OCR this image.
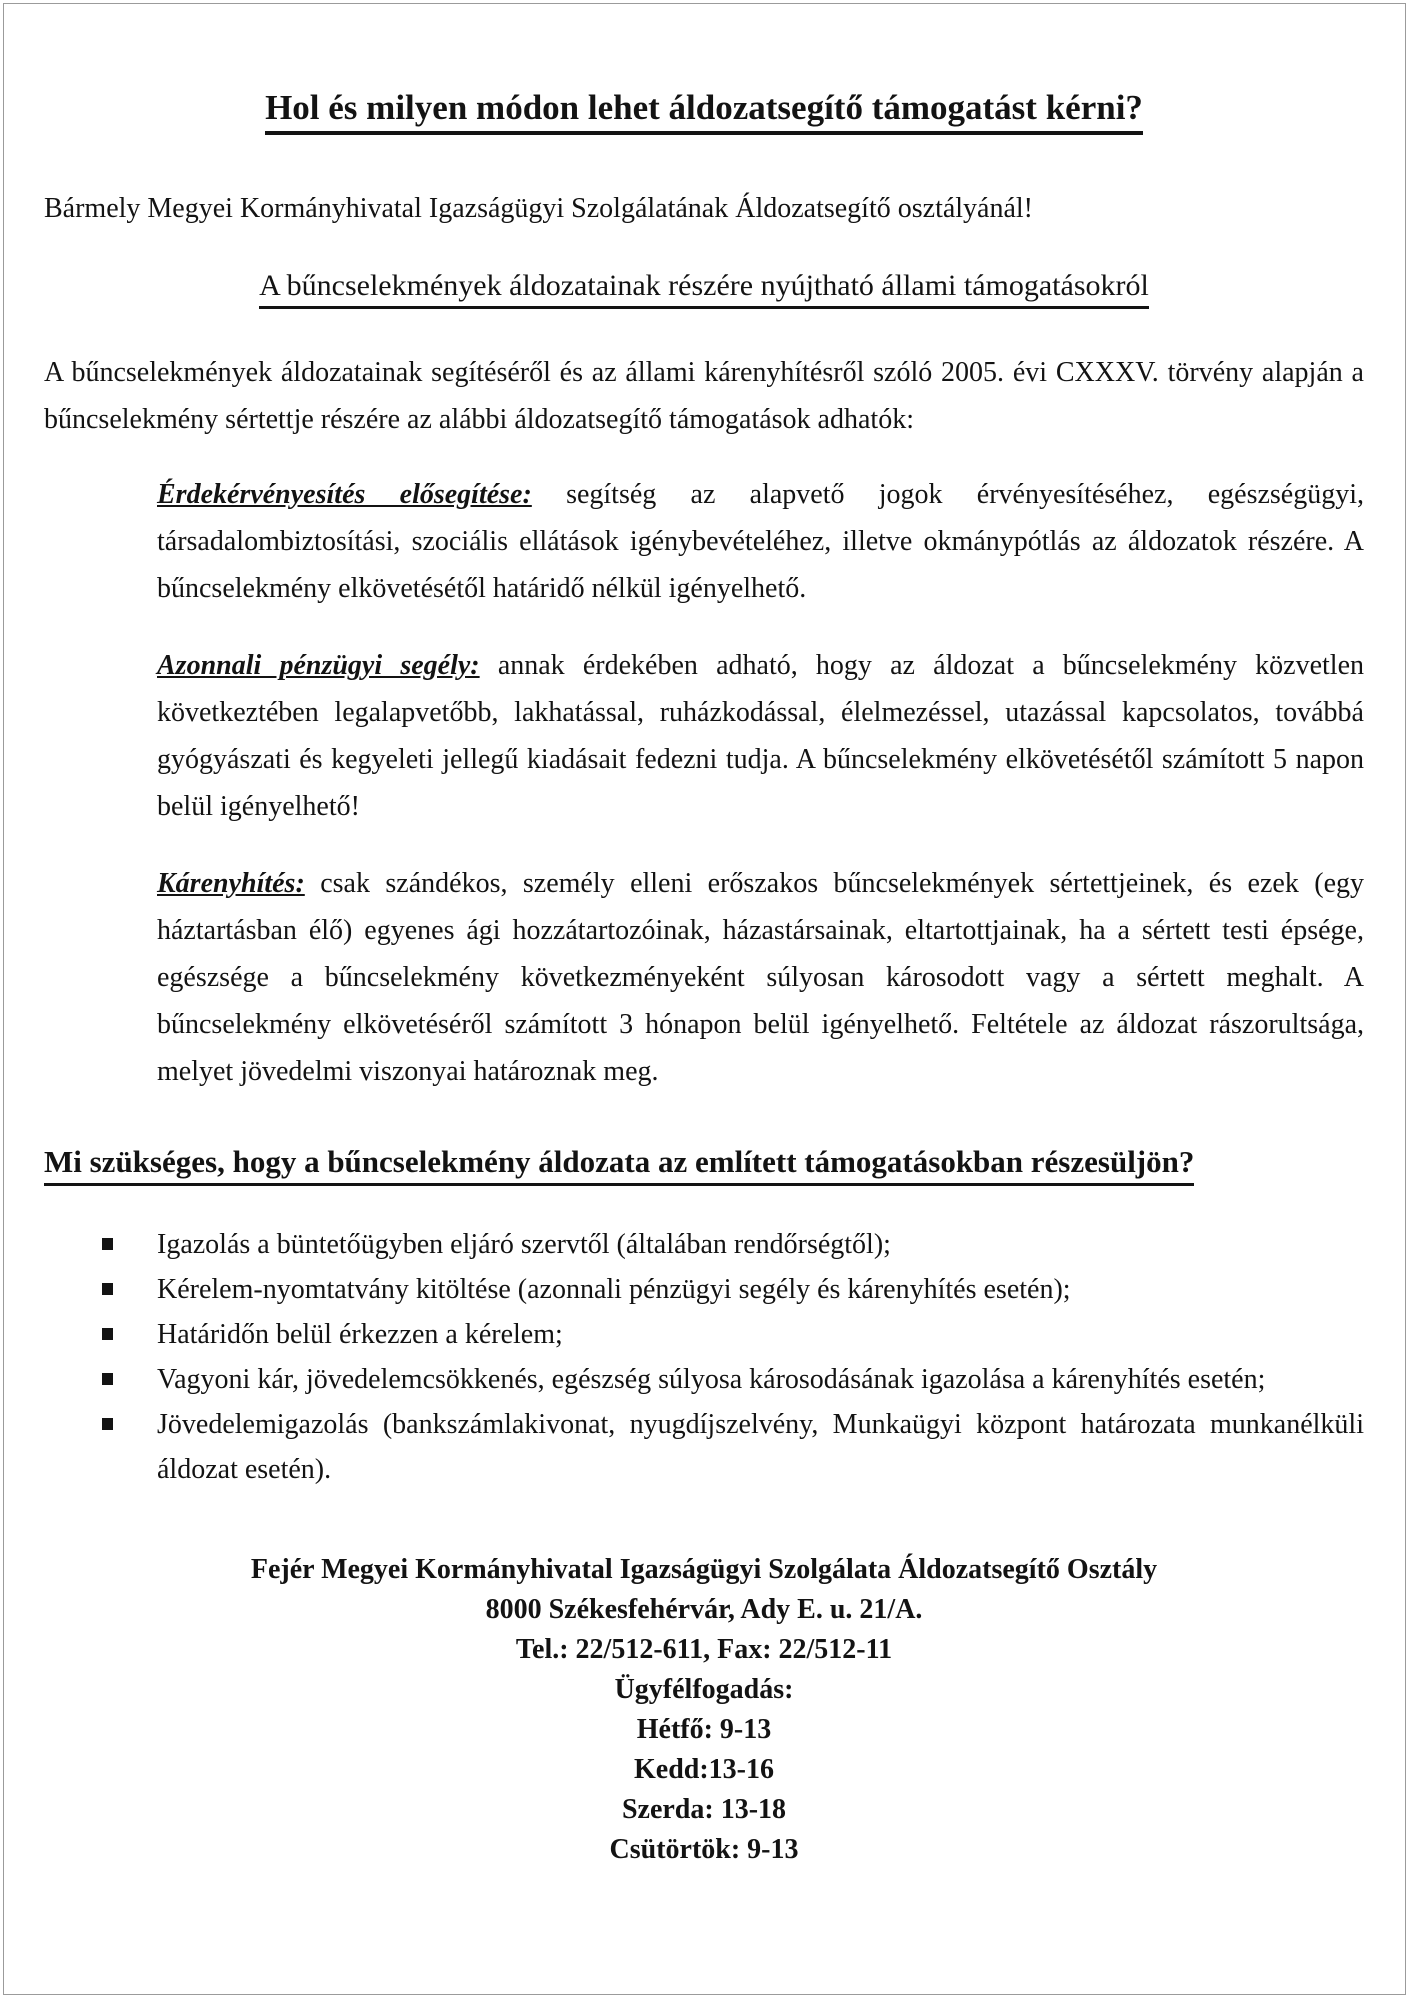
Hol és milyen módon lehet áldozatsegítő támogatást kérni?

Bármely Megyei Kormányhivatal Igazságügyi Szolgálatának Áldozatsegítő osztályánál!

A bűncselekmények áldozatainak részére nyújtható állami támogatásokról

A bűncselekmények áldozatainak segítéséről és az állami kárenyhítésről szóló 2005. évi CXXXV. törvény alapján a bűncselekmény sértettje részére az alábbi áldozatsegítő támogatások adhatók:

Érdekérvényesítés elősegítése: segítség az alapvető jogok érvényesítéséhez, egészségügyi, társadalombiztosítási, szociális ellátások igénybevételéhez, illetve okmánypótlás az áldozatok részére. A bűncselekmény elkövetésétől határidő nélkül igényelhető.

Azonnali pénzügyi segély: annak érdekében adható, hogy az áldozat a bűncselekmény közvetlen következtében legalapvetőbb, lakhatással, ruházkodással, élelmezéssel, utazással kapcsolatos, továbbá gyógyászati és kegyeleti jellegű kiadásait fedezni tudja. A bűncselekmény elkövetésétől számított 5 napon belül igényelhető!

Kárenyhítés: csak szándékos, személy elleni erőszakos bűncselekmények sértettjeinek, és ezek (egy háztartásban élő) egyenes ági hozzátartozóinak, házastársainak, eltartottjainak, ha a sértett testi épsége, egészsége a bűncselekmény következményeként súlyosan károsodott vagy a sértett meghalt. A bűncselekmény elkövetéséről számított 3 hónapon belül igényelhető. Feltétele az áldozat rászorultsága, melyet jövedelmi viszonyai határoznak meg.

Mi szükséges, hogy a bűncselekmény áldozata az említett támogatásokban részesüljön?
Igazolás a büntetőügyben eljáró szervtől (általában rendőrségtől);
Kérelem-nyomtatvány kitöltése (azonnali pénzügyi segély és kárenyhítés esetén);
Határidőn belül érkezzen a kérelem;
Vagyoni kár, jövedelemcsökkenés, egészség súlyosa károsodásának igazolása a kárenyhítés esetén;
Jövedelemigazolás (bankszámlakivonat, nyugdíjszelvény, Munkaügyi központ határozata munkanélküli áldozat esetén).
Fejér Megyei Kormányhivatal Igazságügyi Szolgálata Áldozatsegítő Osztály
8000 Székesfehérvár, Ady E. u. 21/A.
Tel.: 22/512-611, Fax: 22/512-11
Ügyfélfogadás:
Hétfő: 9-13
Kedd:13-16
Szerda: 13-18
Csütörtök: 9-13
